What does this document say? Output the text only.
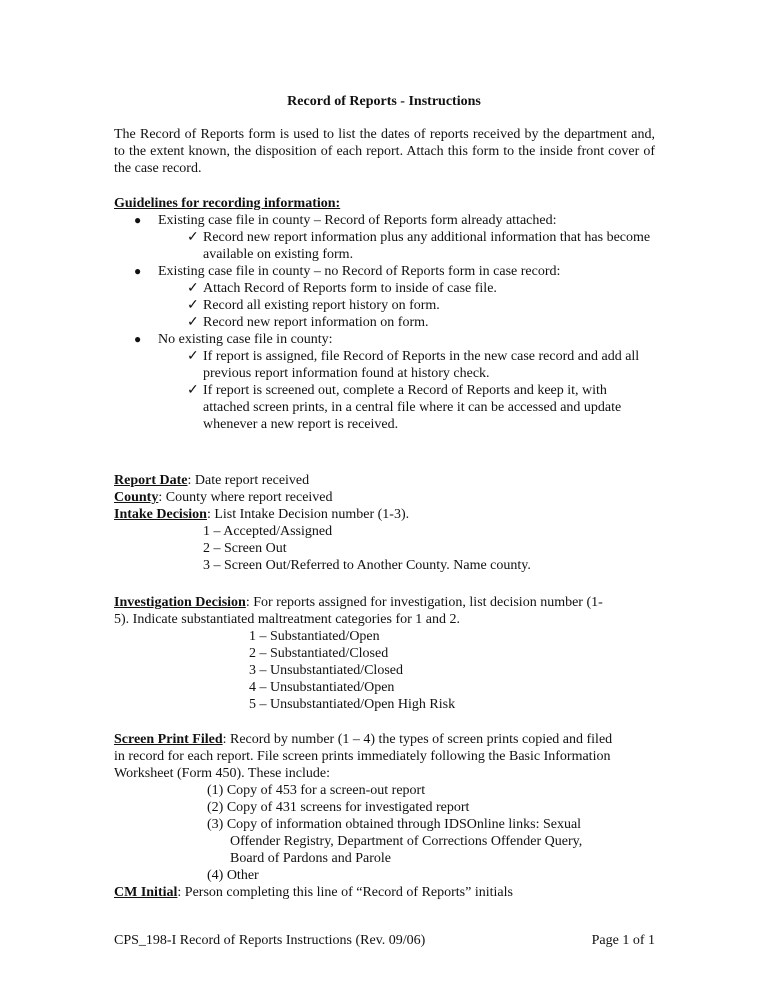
Record of Reports - Instructions
The Record of Reports form is used to list the dates of reports received by the department and, to the extent known, the disposition of each report. Attach this form to the inside front cover of the case record.
Guidelines for recording information:
● Existing case file in county – Record of Reports form already attached:
✓ Record new report information plus any additional information that has become available on existing form.
● Existing case file in county – no Record of Reports form in case record:
✓ Attach Record of Reports form to inside of case file.
✓ Record all existing report history on form.
✓ Record new report information on form.
● No existing case file in county:
✓ If report is assigned, file Record of Reports in the new case record and add all previous report information found at history check.
✓ If report is screened out, complete a Record of Reports and keep it, with attached screen prints, in a central file where it can be accessed and update whenever a new report is received.
Report Date: Date report received
County: County where report received
Intake Decision: List Intake Decision number (1-3).
1 – Accepted/Assigned
2 – Screen Out
3 – Screen Out/Referred to Another County. Name county.
Investigation Decision: For reports assigned for investigation, list decision number (1-
5). Indicate substantiated maltreatment categories for 1 and 2.
1 – Substantiated/Open
2 – Substantiated/Closed
3 – Unsubstantiated/Closed
4 – Unsubstantiated/Open
5 – Unsubstantiated/Open High Risk
Screen Print Filed: Record by number (1 – 4) the types of screen prints copied and filed
in record for each report. File screen prints immediately following the Basic Information
Worksheet (Form 450). These include:
(1) Copy of 453 for a screen-out report
(2) Copy of 431 screens for investigated report
(3) Copy of information obtained through IDSOnline links: Sexual
Offender Registry, Department of Corrections Offender Query,
Board of Pardons and Parole
(4) Other
CM Initial: Person completing this line of “Record of Reports” initials
CPS_198-I Record of Reports Instructions (Rev. 09/06)	Page 1 of 1
